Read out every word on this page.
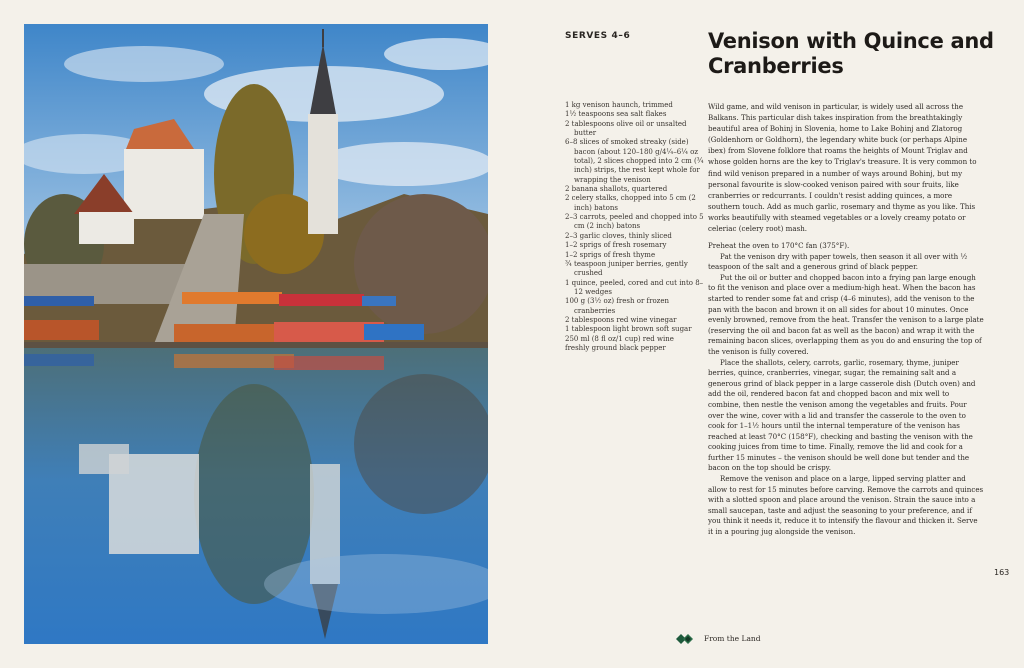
SERVES 4–6	Venison with Quince and Cranberries
1 kg venison haunch, trimmed
1½ teaspoons sea salt flakes
2 tablespoons olive oil or unsalted butter
6–8 slices of smoked streaky (side) bacon (about 120–180 g/4¼–6¼ oz total), 2 slices chopped into 2 cm (¾ inch) strips, the rest kept whole for wrapping the venison
2 banana shallots, quartered
2 celery stalks, chopped into 5 cm (2 inch) batons
2–3 carrots, peeled and chopped into 5 cm (2 inch) batons
2–3 garlic cloves, thinly sliced
1–2 sprigs of fresh rosemary
1–2 sprigs of fresh thyme
¾ teaspoon juniper berries, gently crushed
1 quince, peeled, cored and cut into 8–12 wedges
100 g (3½ oz) fresh or frozen cranberries
2 tablespoons red wine vinegar
1 tablespoon light brown soft sugar
250 ml (8 fl oz/1 cup) red wine
freshly ground black pepper

Wild game, and wild venison in particular, is widely used all across the Balkans. This particular dish takes inspiration from the breathtakingly beautiful area of Bohinj in Slovenia, home to Lake Bohinj and Zlatorog (Goldenhorn or Goldhorn), the legendary white buck (or perhaps Alpine ibex) from Slovene folklore that roams the heights of Mount Triglav and whose golden horns are the key to Triglav's treasure. It is very common to find wild venison prepared in a number of ways around Bohinj, but my personal favourite is slow-cooked venison paired with sour fruits, like cranberries or redcurrants. I couldn't resist adding quinces, a more southern touch. Add as much garlic, rosemary and thyme as you like. This works beautifully with steamed vegetables or a lovely creamy potato or celeriac (celery root) mash.

Preheat the oven to 170°C fan (375°F).

Pat the venison dry with paper towels, then season it all over with ½ teaspoon of the salt and a generous grind of black pepper.

Put the oil or butter and chopped bacon into a frying pan large enough to fit the venison and place over a medium-high heat. When the bacon has started to render some fat and crisp (4–6 minutes), add the venison to the pan with the bacon and brown it on all sides for about 10 minutes. Once evenly browned, remove from the heat. Transfer the venison to a large plate (reserving the oil and bacon fat as well as the bacon) and wrap it with the remaining bacon slices, overlapping them as you do and ensuring the top of the venison is fully covered.

Place the shallots, celery, carrots, garlic, rosemary, thyme, juniper berries, quince, cranberries, vinegar, sugar, the remaining salt and a generous grind of black pepper in a large casserole dish (Dutch oven) and add the oil, rendered bacon fat and chopped bacon and mix well to combine, then nestle the venison among the vegetables and fruits. Pour over the wine, cover with a lid and transfer the casserole to the oven to cook for 1–1½ hours until the internal temperature of the venison has reached at least 70°C (158°F), checking and basting the venison with the cooking juices from time to time. Finally, remove the lid and cook for a further 15 minutes – the venison should be well done but tender and the bacon on the top should be crispy.

Remove the venison and place on a large, lipped serving platter and allow to rest for 15 minutes before carving. Remove the carrots and quinces with a slotted spoon and place around the venison. Strain the sauce into a small saucepan, taste and adjust the seasoning to your preference, and if you think it needs it, reduce it to intensify the flavour and thicken it. Serve it in a pouring jug alongside the venison.

163
From the Land
